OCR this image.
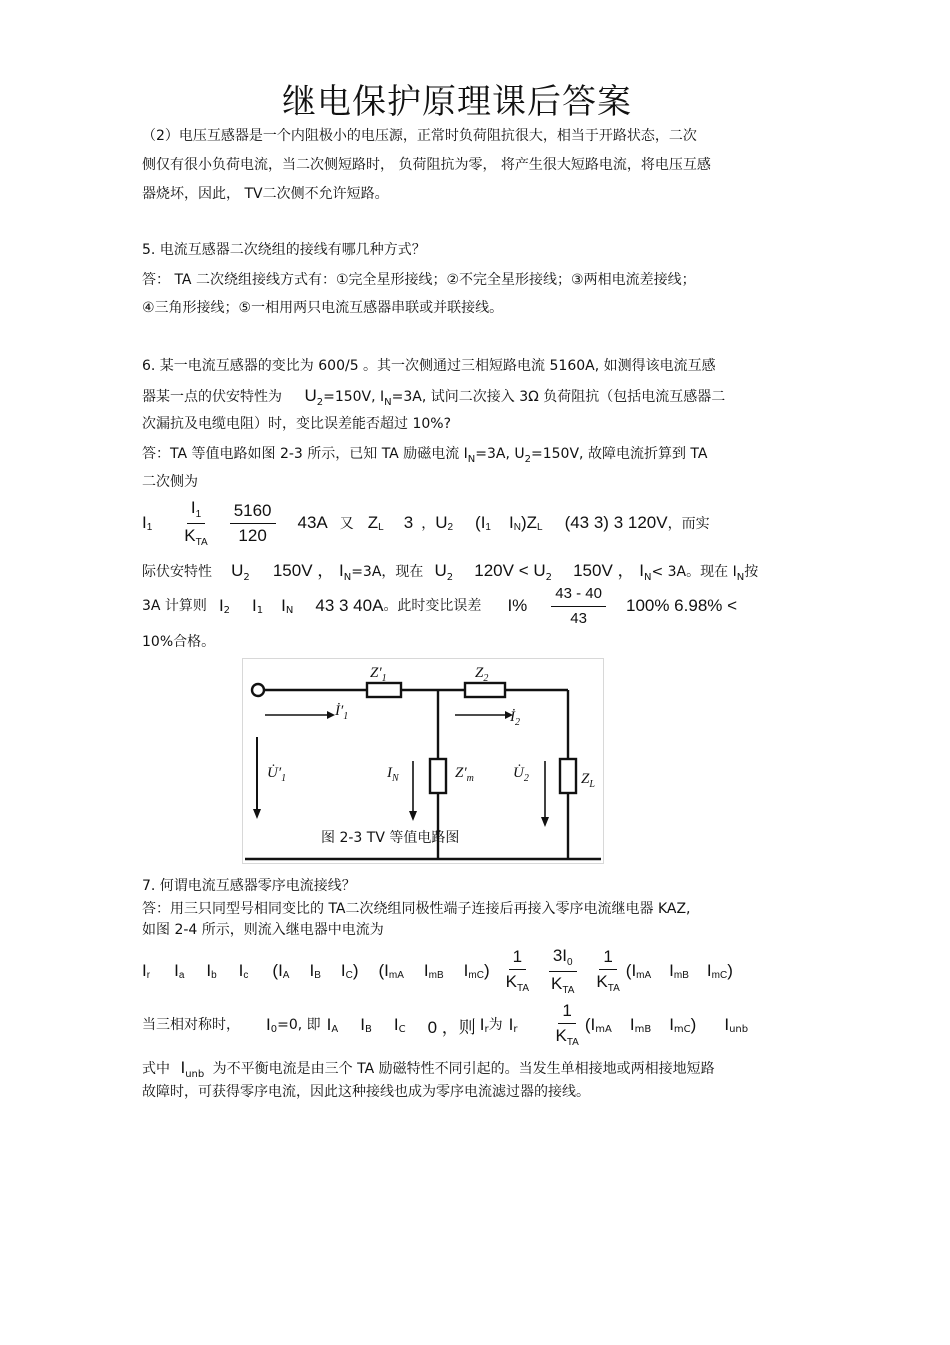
继电保护原理课后答案
（2）电压互感器是一个内阻极小的电压源，正常时负荷阻抗很大，相当于开路状态，二次
侧仅有很小负荷电流，当二次侧短路时， 负荷阻抗为零， 将产生很大短路电流，将电压互感
器烧坏，因此， TV二次侧不允许短路。
5. 电流互感器二次绕组的接线有哪几种方式？
答： TA 二次绕组接线方式有：①完全星形接线；②不完全星形接线；③两相电流差接线；
④三角形接线；⑤一相用两只电流互感器串联或并联接线。
6. 某一电流互感器的变比为 600/5 。其一次侧通过三相短路电流 5160A, 如测得该电流互感
器某一点的伏安特性为 $U_2=150V$, $I_N=3A$, 试问二次接入 3Ω 负荷阻抗（包括电流互感器二
次漏抗及电缆电阻）时，变比误差能否超过 10%?
答：TA 等值电路如图 2-3 所示，已知 TA 励磁电流 $I_N=3A$, $U_2=150V$, 故障电流折算到 TA
二次侧为
I $1 \frac{I_1}{K_{TA}} \frac{5160}{120} 43A$ 又 Z L 3 ， U 2 (I 1 I N )Z L (43 3) 3 120V ，而实
际伏安特性 $U_2$ 150V ， $I_N=3A$，现在 $U_2$ $120V < U_2$ 150V ， $I_N< 3A$。现在 $I_N$按
3A 计算则 I 2 I 1 I N 43 3 40A 。此时变比误差 $I\% \frac{43 - 40}{43} 100\%$ 6.98% <
10%合格。
$Z'_1$	$Z_2$
$İ'_1$	$İ_2$
$U̇'_1$	$I_N$	$Z'_m$	$U̇_2$	$Z_L$
图 2-3 TV 等值电路图
7. 何谓电流互感器零序电流接线？
答：用三只同型号相同变比的 TA二次绕组同极性端子连接后再接入零序电流继电器 KAZ,
如图 2-4 所示，则流入继电器中电流为
I r I a I b I c (I A I B I C ) (I mA I mB I mC ) $\frac{1}{K_{TA}} \frac{3I_0}{K_{TA}} \frac{1}{K_{TA}} (I$ mA I mB I mC )
当三相对称时， I 0 =0, 即 I A I B I C 0 ，则 I r 为 I r $\frac{1}{K_{TA}} (I$ mA I mB I mC ) I unb
式中 $I_{unb}$ 为不平衡电流是由三个 TA 励磁特性不同引起的。当发生单相接地或两相接地短路
故障时，可获得零序电流，因此这种接线也成为零序电流滤过器的接线。
